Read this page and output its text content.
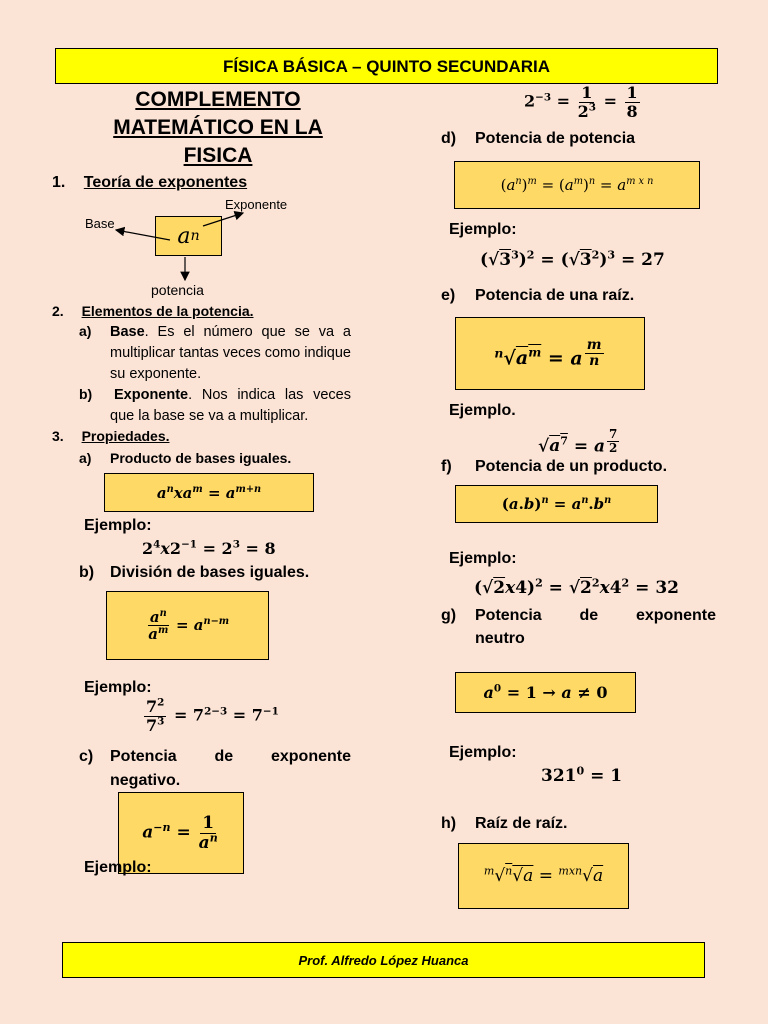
FÍSICA BÁSICA – QUINTO SECUNDARIA
Prof. Alfredo López Huanca
COMPLEMENTO
MATEMÁTICO EN LA
FISICA
1. Teoría de exponentes
Base
Exponente
a n
potencia
2. Elementos de la potencia.
a) Base. Es el número que se va a multiplicar tantas veces como indique su exponente.
b) Exponente. Nos indica las veces que la base se va a multiplicar.
3. Propiedades.
a) Producto de bases iguales.
$a^nxa^m = a^{m+n}$
Ejemplo:
$2^4x2^{-1} = 2^3 = 8$
b) División de bases iguales.
$\frac{a^n}{a^m} = a^{n-m}$
Ejemplo:
$\frac{7^2}{7^3} = 7^{2-3} = 7^{-1}$
c) Potencia de exponente
negativo.
$a^{-n} = \frac{1}{a^n}$
Ejemplo:
$2^{-3} = \frac{1}{2^3} = \frac{1}{8}$
d) Potencia de potencia
$(a^n)^m = (a^m)^n = a^{m x n}$
Ejemplo:
$(√3^3)^2 = (√3^2)^3 = 27$
e) Potencia de una raíz.
$^n√a^m = a$ $^{\frac{m}{n}}$
Ejemplo.
$√a^7 = a$ $^{\frac{7}{2}}$
f) Potencia de un producto.
$(a.b)^n = a^n.b^n$
Ejemplo:
$(√2x4)^2 = √2^2x4^2 = 32$
g) Potencia de exponente
neutro
$a^0 = 1 \to a \ne 0$
Ejemplo:
$321^0 = 1$
h) Raíz de raíz.
$^m$√$^n$√a = $^{mxn}$√a
